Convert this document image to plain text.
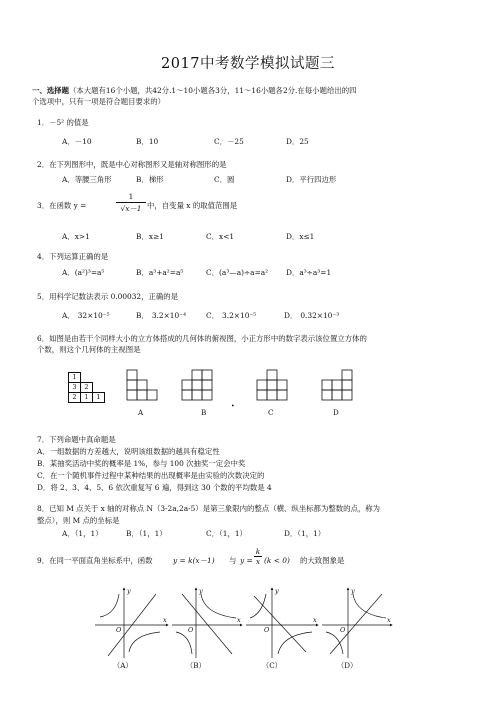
2017中考数学模拟试题三
一、选择题（本大题有16个小题，共42分.1～10小题各3分，11～16小题各2分.在每小题给出的四
个选项中，只有一项是符合题目要求的）
1．－5² 的值是
A．－10	B．10	C．－25	D．25
2．在下列图形中，既是中心对称图形又是轴对称图形的是
A．等腰三角形	B．梯形	C．圆	D．平行四边形
3．在函数 y =
1
√x－1 中，自变量 x 的取值范围是
A．x>1	B．x≥1	C．x<1	D．x≤1
4．下列运算正确的是
A．(a²)³=a⁵	B．a³+a²=a⁵	C．(a³—a)÷a=a² D．a³÷a³=1
5．用科学记数法表示 0.00032，正确的是
A． 32×10⁻⁵	B． 3.2×10⁻⁴	C． 3.2×10⁻⁵	D． 0.32×10⁻³
6．如图是由若干个同样大小的立方体搭成的几何体的俯视图，小正方形中的数字表示该位置立方体的
个数，则这个几何体的主视图是
1
3	2
2	1	1
•
A	B	C	D
7．下列命题中真命题是
A．一组数据的方差越大，说明该组数据的越具有稳定性
B．某抽奖活动中奖的概率是 1%，参与 100 次抽奖一定会中奖
C．在一个随机事件过程中某种结果的出现概率是由实验的次数决定的
D．将 2、3、4、5、6 依次重复写 6 遍，得到这 30 个数的平均数是 4
8．已知 M 点关于 x 轴的对称点 N（3-2a,2a-5）是第三象限内的整点（横、纵坐标都为整数的点，称为
整点），则 M 点的坐标是
A．（1，1）	B．（1，1）	C．（1，1）	D．（1，1）
9．在同一平面直角坐标系中，函数	y = k(x－1) 与 y =
k
x (k < 0) 的大致图象是
x
y
O
x
y
O
x
y
O
x
y
O
（A）	（B）	（C）	（D）
